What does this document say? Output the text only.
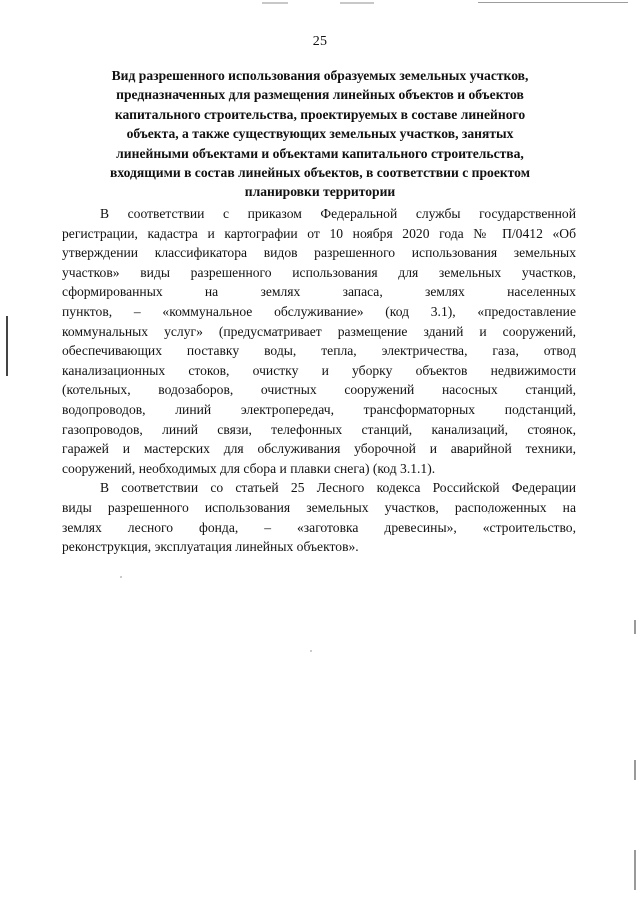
25
Вид разрешенного использования образуемых земельных участков,
предназначенных для размещения линейных объектов и объектов
капитального строительства, проектируемых в составе линейного
объекта, а также существующих земельных участков, занятых
линейными объектами и объектами капитального строительства,
входящими в состав линейных объектов, в соответствии с проектом
планировки территории
В соответствии с приказом Федеральной службы государственной
регистрации, кадастра и картографии от 10 ноября 2020 года № П/0412 «Об
утверждении классификатора видов разрешенного использования земельных
участков» виды разрешенного использования для земельных участков,
сформированных	на	землях	запаса,	землях	населенных
пунктов, – «коммунальное обслуживание» (код 3.1), «предоставление
коммунальных услуг» (предусматривает размещение зданий и сооружений,
обеспечивающих поставку воды, тепла, электричества, газа, отвод
канализационных стоков, очистку и уборку объектов недвижимости
(котельных, водозаборов, очистных сооружений насосных станций,
водопроводов, линий электропередач, трансформаторных подстанций,
газопроводов, линий связи, телефонных станций, канализаций, стоянок,
гаражей и мастерских для обслуживания уборочной и аварийной техники,
сооружений, необходимых для сбора и плавки снега) (код 3.1.1).
В соответствии со статьей 25 Лесного кодекса Российской Федерации
виды разрешенного использования земельных участков, расположенных на
землях лесного фонда, – «заготовка древесины», «строительство,
реконструкция, эксплуатация линейных объектов».
